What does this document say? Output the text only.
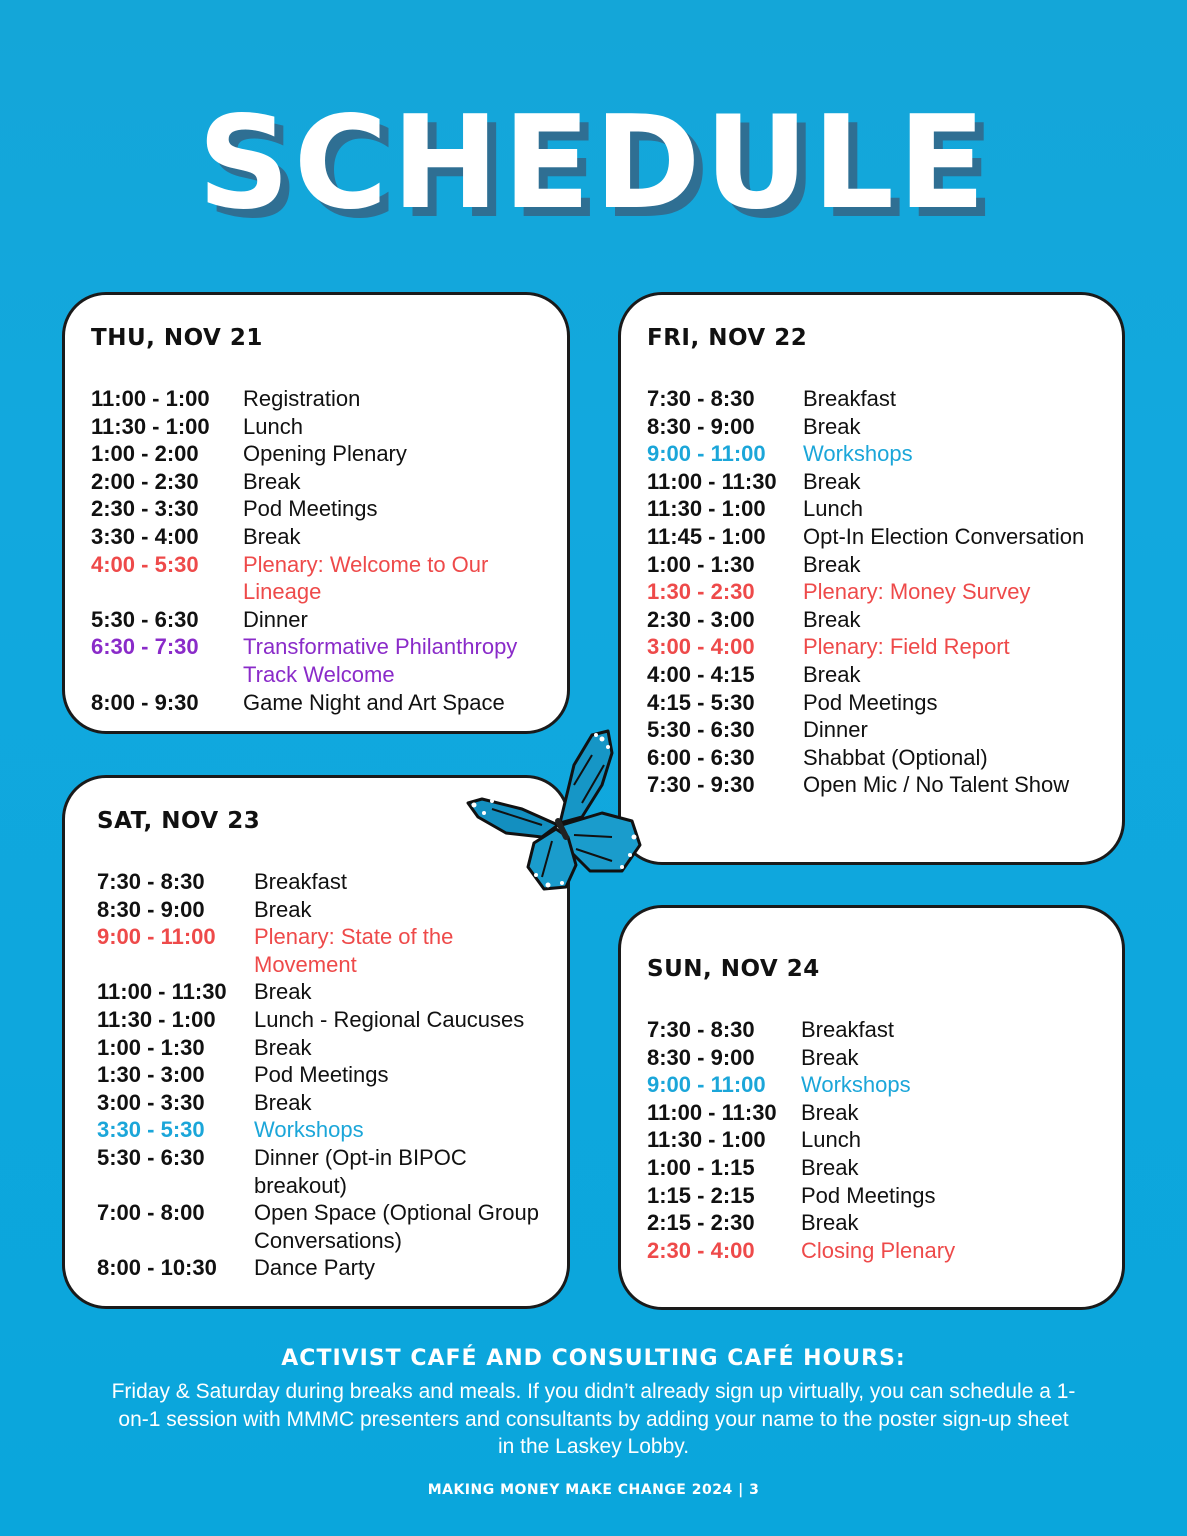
SCHEDULE
THU, NOV 21
11:00 - 1:00	Registration
11:30 - 1:00	Lunch
1:00 - 2:00	Opening Plenary
2:00 - 2:30	Break
2:30 - 3:30	Pod Meetings
3:30 - 4:00	Break
4:00 - 5:30	Plenary: Welcome to Our Lineage
5:30 - 6:30	Dinner
6:30 - 7:30	Transformative Philanthropy Track Welcome
8:00 - 9:30	Game Night and Art Space
FRI, NOV 22
7:30 - 8:30	Breakfast
8:30 - 9:00	Break
9:00 - 11:00	Workshops
11:00 - 11:30	Break
11:30 - 1:00	Lunch
11:45 - 1:00	Opt-In Election Conversation
1:00 - 1:30	Break
1:30 - 2:30	Plenary: Money Survey
2:30 - 3:00	Break
3:00 - 4:00	Plenary: Field Report
4:00 - 4:15	Break
4:15 - 5:30	Pod Meetings
5:30 - 6:30	Dinner
6:00 - 6:30	Shabbat (Optional)
7:30 - 9:30	Open Mic / No Talent Show
SAT, NOV 23
7:30 - 8:30	Breakfast
8:30 - 9:00	Break
9:00 - 11:00	Plenary: State of the Movement
11:00 - 11:30	Break
11:30 - 1:00	Lunch - Regional Caucuses
1:00 - 1:30	Break
1:30 - 3:00	Pod Meetings
3:00 - 3:30	Break
3:30 - 5:30	Workshops
5:30 - 6:30	Dinner (Opt-in BIPOC breakout)
7:00 - 8:00	Open Space (Optional Group Conversations)
8:00 - 10:30	Dance Party
SUN, NOV 24
7:30 - 8:30	Breakfast
8:30 - 9:00	Break
9:00 - 11:00	Workshops
11:00 - 11:30	Break
11:30 - 1:00	Lunch
1:00 - 1:15	Break
1:15 - 2:15	Pod Meetings
2:15 - 2:30	Break
2:30 - 4:00	Closing Plenary
ACTIVIST CAFÉ AND CONSULTING CAFÉ HOURS:
Friday & Saturday during breaks and meals. If you didn’t already sign up virtually, you can schedule a 1-on-1 session with MMMC presenters and consultants by adding your name to the poster sign-up sheet in the Laskey Lobby.
MAKING MONEY MAKE CHANGE 2024 | 3
